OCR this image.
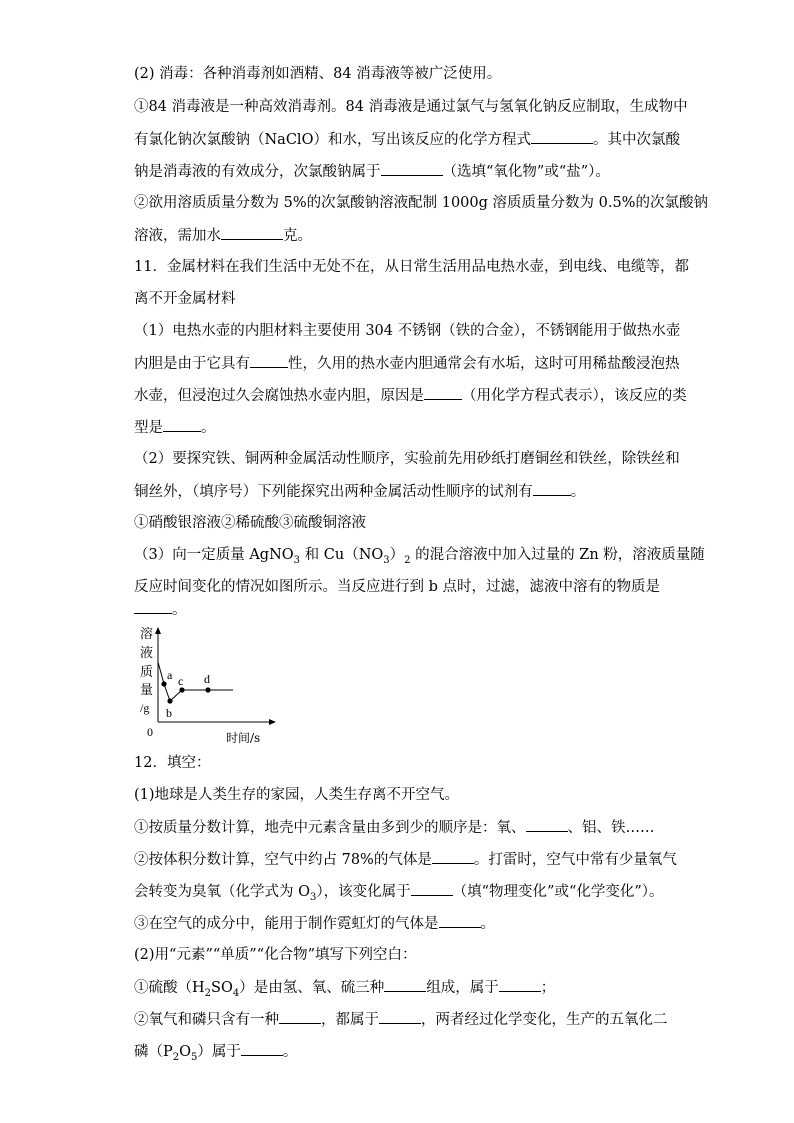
(2) 消毒：各种消毒剂如酒精、84 消毒液等被广泛使用。
①84 消毒液是一种高效消毒剂。84 消毒液是通过氯气与氢氧化钠反应制取，生成物中
有氯化钠次氯酸钠（NaClO）和水，写出该反应的化学方程式	。其中次氯酸
钠是消毒液的有效成分，次氯酸钠属于	（选填“氧化物”或“盐”）。
②欲用溶质质量分数为 5%的次氯酸钠溶液配制 1000g 溶质质量分数为 0.5%的次氯酸钠
溶液，需加水	克。
11．金属材料在我们生活中无处不在，从日常生活用品电热水壶，到电线、电缆等，都
离不开金属材料
（1）电热水壶的内胆材料主要使用 304 不锈钢（铁的合金），不锈钢能用于做热水壶
内胆是由于它具有	性，久用的热水壶内胆通常会有水垢，这时可用稀盐酸浸泡热
水壶，但浸泡过久会腐蚀热水壶内胆，原因是	（用化学方程式表示），该反应的类
型是	。
（2）要探究铁、铜两种金属活动性顺序，实验前先用砂纸打磨铜丝和铁丝，除铁丝和
铜丝外，（填序号）下列能探究出两种金属活动性顺序的试剂有	。
①硝酸银溶液②稀硫酸③硫酸铜溶液
（3）向一定质量 AgNO$_3$ 和 $Cu(NO_3)_2$ 的混合溶液中加入过量的 Zn 粉，溶液质量随
反应时间变化的情况如图所示。当反应进行到 b 点时，过滤，滤液中溶有的物质是
。
a
b
c d
溶
液
质
量
/g
0	时间/s
12．填空：
(1)地球是人类生存的家园，人类生存离不开空气。
①按质量分数计算，地壳中元素含量由多到少的顺序是：氧、	、铝、铁……
②按体积分数计算，空气中约占 78%的气体是	。打雷时，空气中常有少量氧气
会转变为臭氧（化学式为 $O_3$），该变化属于	（填“物理变化”或“化学变化”）。
③在空气的成分中，能用于制作霓虹灯的气体是	。
(2)用“元素”“单质”“化合物”填写下列空白：
①硫酸$(H_2SO_4)$是由氢、氧、硫三种	组成，属于	；
②氧气和磷只含有一种	，都属于	，两者经过化学变化，生产的五氧化二
磷$(P_2O_5)$属于	。
